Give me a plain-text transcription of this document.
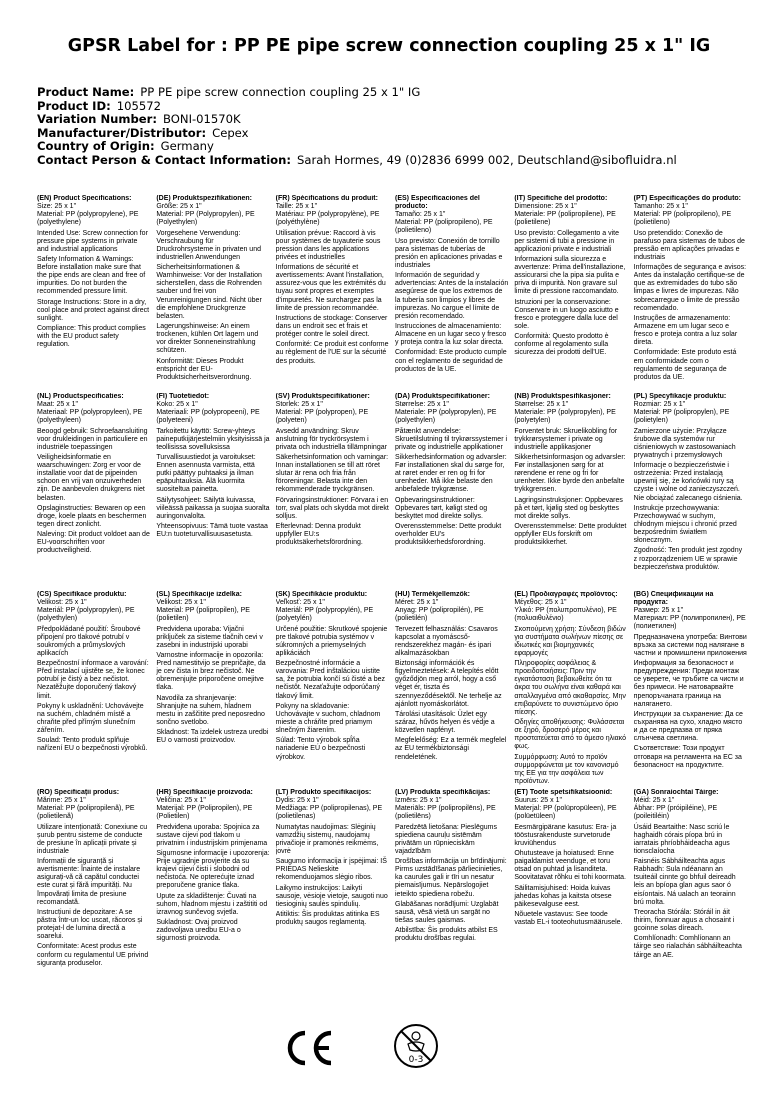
GPSR Label for : PP PE pipe screw connection coupling 25 x 1" IG
Product Name: PP PE pipe screw connection coupling 25 x 1" IG
Product ID: 105572
Variation Number: BONI-01570K
Manufacturer/Distributor: Cepex
Country of Origin: Germany
Contact Person & Contact Information: Sarah Hormes, 49 (0)2836 6999 002, Deutschland@sibofluidra.nl
(EN) Product Specifications:

Size: 25 x 1"
Material: PP (polypropylene), PE (polyethylene)

Intended Use: Screw connection for pressure pipe systems in private and industrial applications

Safety Information & Warnings: Before installation make sure that the pipe ends are clean and free of impurities. Do not burden the recommended pressure limit.

Storage Instructions: Store in a dry, cool place and protect against direct sunlight.

Compliance: This product complies with the EU product safety regulation.

(DE) Produktspezifikationen:

Größe: 25 x 1"
Material: PP (Polypropylen), PE (Polyethylen)

Vorgesehene Verwendung: Verschraubung für Druckrohrsysteme in privaten und industriellen Anwendungen

Sicherheitsinformationen & Warnhinweise: Vor der Installation sicherstellen, dass die Rohrenden sauber und frei von Verunreinigungen sind. Nicht über die empfohlene Druckgrenze belasten.

Lagerungshinweise: An einem trockenen, kühlen Ort lagern und vor direkter Sonneneinstrahlung schützen.

Konformität: Dieses Produkt entspricht der EU-Produktsicherheitsverordnung.

(FR) Spécifications du produit:

Taille: 25 x 1"
Matériau: PP (polypropylène), PE (polyéthylène)

Utilisation prévue: Raccord à vis pour systèmes de tuyauterie sous pression dans les applications privées et industrielles

Informations de sécurité et avertissements: Avant l'installation, assurez-vous que les extrémités du tuyau sont propres et exemptes d'impuretés. Ne surchargez pas la limite de pression recommandée.

Instructions de stockage: Conserver dans un endroit sec et frais et protéger contre le soleil direct.

Conformité: Ce produit est conforme au règlement de l'UE sur la sécurité des produits.

(ES) Especificaciones del producto:

Tamaño: 25 x 1"
Material: PP (polipropileno), PE (polietileno)

Uso previsto: Conexión de tornillo para sistemas de tuberías de presión en aplicaciones privadas e industriales

Información de seguridad y advertencias: Antes de la instalación asegúrese de que los extremos de la tubería son limpios y libres de impurezas. No cargue el límite de presión recomendado.

Instrucciones de almacenamiento: Almacene en un lugar seco y fresco y proteja contra la luz solar directa.

Conformidad: Este producto cumple con el reglamento de seguridad de productos de la UE.

(IT) Specifiche del prodotto:

Dimensione: 25 x 1"
Materiale: PP (polipropilene), PE (polietilene)

Uso previsto: Collegamento a vite per sistemi di tubi a pressione in applicazioni private e industriali

Informazioni sulla sicurezza e avvertenze: Prima dell'installazione, assicurarsi che la pipa sia pulita e priva di impurità. Non gravare sul limite di pressione raccomandato.

Istruzioni per la conservazione: Conservare in un luogo asciutto e fresco e proteggere dalla luce del sole.

Conformità: Questo prodotto è conforme al regolamento sulla sicurezza dei prodotti dell'UE.

(PT) Especificações do produto:

Tamanho: 25 x 1"
Material: PP (polipropileno), PE (polietileno)

Uso pretendido: Conexão de parafuso para sistemas de tubos de pressão em aplicações privadas e industriais

Informações de segurança e avisos: Antes da instalação certifique-se de que as extremidades do tubo são limpas e livres de impurezas. Não sobrecarregue o limite de pressão recomendado.

Instruções de armazenamento: Armazene em um lugar seco e fresco e proteja contra a luz solar direta.

Conformidade: Este produto está em conformidade com o regulamento de segurança de produtos da UE.

(NL) Productspecificaties:

Maat: 25 x 1"
Materiaal: PP (polypropyleen), PE (polyethyleen)

Beoogd gebruik: Schroefaansluiting voor drukleidingen in particuliere en industriële toepassingen

Veiligheidsinformatie en waarschuwingen: Zorg er voor de installatie voor dat de pijpeinden schoon en vrij van onzuiverheden zijn. De aanbevolen drukgrens niet belasten.

Opslaginstructies: Bewaren op een droge, koele plaats en beschermen tegen direct zonlicht.

Naleving: Dit product voldoet aan de EU-voorschriften voor productveiligheid.

(FI) Tuotetiedot:

Koko: 25 x 1"
Materiaali: PP (polypropeeni), PE (polyeteeni)

Tarkoitettu käyttö: Screw-yhteys paineputkijärjestelmiin yksityisissä ja teollisissa sovelluksissa

Turvallisuustiedot ja varoitukset: Ennen asennusta varmista, että putki päättyy puhtaaksi ja ilman epäpuhtauksia. Älä kuormita suositeltua painetta.

Säilytysohjeet: Säilytä kuivassa, viileässä paikassa ja suojaa suoralta auringonvalolta.

Yhteensopivuus: Tämä tuote vastaa EU:n tuoteturvallisuusasetusta.

(SV) Produktspecifikationer:

Storlek: 25 x 1"
Material: PP (polypropen), PE (polyeten)

Avsedd användning: Skruv anslutning för tryckrörsystem i privata och industriella tillämpningar

Säkerhetsinformation och varningar: Innan installationen se till att röret slutar är rena och fria från föroreningar. Belasta inte den rekommenderade tryckgränsen.

Förvaringsinstruktioner: Förvara i en torr, sval plats och skydda mot direkt solljus.

Efterlevnad: Denna produkt uppfyller EU:s produktsäkerhetsförordning.

(DA) Produktspecifikationer:

Størrelse: 25 x 1"
Materiale: PP (polypropylen), PE (polyethylen)

Påtænkt anvendelse: Skruetilslutning til trykrørssystemer i private og industrielle applikationer

Sikkerhedsinformation og advarsler: Før installationen skal du sørge for, at røret ender er ren og fri for urenheder. Må ikke belaste den anbefalede trykgrænse.

Opbevaringsinstruktioner: Opbevares tørt, køligt sted og beskyttet mod direkte sollys.

Overensstemmelse: Dette produkt overholder EU's produktsikkerhedsforordning.

(NB) Produktspesifikasjoner:

Størrelse: 25 x 1"
Materiale: PP (polypropylen), PE (polyetylen)

Forventet bruk: Skruelikobling for trykkrørsystemer i private og industrielle applikasjoner

Sikkerhetsinformasjon og advarsler: Før installasjonen sørg for at rørendene er rene og fri for urenheter. Ikke byrde den anbefalte trykkgrensen.

Lagringsinstruksjoner: Oppbevares på et tørt, kjølig sted og beskyttes mot direkte sollys.

Overensstemmelse: Dette produktet oppfyller EUs forskrift om produktsikkerhet.

(PL) Specyfikacje produktu:

Rozmiar: 25 x 1"
Materiał: PP (polipropylen), PE (polietylen)

Zamierzone użycie: Przyłącze śrubowe dla systemów rur ciśnieniowych w zastosowaniach prywatnych i przemysłowych

Informacje o bezpieczeństwie i ostrzeżenia: Przed instalacją upewnij się, że końcówki rury są czyste i wolne od zanieczyszczeń. Nie obciążać zalecanego ciśnienia.

Instrukcje przechowywania: Przechowywać w suchym, chłodnym miejscu i chronić przed bezpośrednim światłem słonecznym.

Zgodność: Ten produkt jest zgodny z rozporządzeniem UE w sprawie bezpieczeństwa produktów.

(CS) Specifikace produktu:

Velikost: 25 x 1"
Materiál: PP (polypropylen), PE (polyethylen)

Předpokládané použití: Šroubové připojení pro tlakové potrubí v soukromých a průmyslových aplikacích

Bezpečnostní informace a varování: Před instalací ujistěte se, že konec potrubí je čistý a bez nečistot. Nezatěžujte doporučený tlakový limit.

Pokyny k uskladnění: Uchovávejte na suchém, chladném místě a chraňte před přímým slunečním zářením.

Soulad: Tento produkt splňuje nařízení EU o bezpečnosti výrobků.

(SL) Specifikacije izdelka:

Velikost: 25 x 1"
Material: PP (polipropilen), PE (polietilen)

Predvidena uporaba: Vijačni priključek za sisteme tlačnih cevi v zasebni in industrijski uporabi

Varnostne informacije in opozorila: Pred namestitvijo se prepričajte, da je cev čista in brez nečistoč. Ne obremenjujte priporočene omejitve tlaka.

Navodila za shranjevanje: Shranjujte na suhem, hladnem mestu in zaščitite pred neposredno sončno svetlobo.

Skladnost: Ta izdelek ustreza uredbi EU o varnosti proizvodov.

(SK) Špecifikácie produktu:

Veľkosť: 25 x 1"
Materiál: PP (polypropylén), PE (polyetylén)

Určené použitie: Skrutkové spojenie pre tlakové potrubia systémov v súkromných a priemyselných aplikáciách

Bezpečnostné informácie a varovania: Pred inštaláciou uistite sa, že potrubia končí sú čisté a bez nečistôt. Nezaťažujte odporúčaný tlakový limit.

Pokyny na skladovanie: Uchovávajte v suchom, chladnom mieste a chráňte pred priamym slnečným žiarením.

Súlad: Tento výrobok spĺňa nariadenie EÚ o bezpečnosti výrobkov.

(HU) Termékjellemzők:

Méret: 25 x 1"
Anyag: PP (polipropilén), PE (polietilén)

Tervezett felhasználás: Csavaros kapcsolat a nyomáscső-rendszerekhez magán- és ipari alkalmazásokban

Biztonsági információk és figyelmeztetések: A telepítés előtt győződjön meg arról, hogy a cső véget ér, tiszta és szennyeződésektől. Ne terhelje az ajánlott nyomáskorlátot.

Tárolási utasítások: Üzlet egy száraz, hűvös helyen és védje a közvetlen napfényt.

Megfelelőség: Ez a termék megfelel az EU termékbiztonsági rendeletének.

(EL) Προδιαγραφές προϊόντος:

Μέγεθος: 25 x 1"
Υλικό: PP (πολυπροπυλένιο), PE (πολυαιθυλένιο)

Σκοπούμενη χρήση: Σύνδεση βιδών για συστήματα σωλήνων πίεσης σε ιδιωτικές και βιομηχανικές εφαρμογές

Πληροφορίες ασφάλειας & προειδοποιήσεις: Πριν την εγκατάσταση βεβαιωθείτε ότι τα άκρα του σωλήνα είναι καθαρά και απαλλαγμένα από ακαθαρσίες. Μην επιβαρύνετε το συνιστώμενο όριο πίεσης.

Οδηγίες αποθήκευσης: Φυλάσσεται σε ξηρό, δροσερό μέρος και προστατεύεται από το άμεσο ηλιακό φως.

Συμμόρφωση: Αυτό το προϊόν συμμορφώνεται με τον κανονισμό της ΕΕ για την ασφάλεια των προϊόντων.

(BG) Спецификации на продукта:

Размер: 25 x 1"
Материал: PP (полипропилен), PE (полиетилен)

Предназначена употреба: Винтови връзка за системи под налягане в частни и промишлени приложения

Информация за безопасност и предупреждения: Преди монтаж се уверете, че тръбите са чисти и без примеси. Не натоварвайте препоръчаната граница на налягането.

Инструкции за съхранение: Да се съхранява на сухо, хладно място и да се предпазва от пряка слънчева светлина.

Съответствие: Този продукт отговаря на регламента на ЕС за безопасност на продуктите.

(RO) Specificații produs:

Mărime: 25 x 1"
Material: PP (polipropilenă), PE (polietilenă)

Utilizare intenționată: Conexiune cu șurub pentru sisteme de conducte de presiune în aplicații private și industriale

Informații de siguranță și avertismente: Înainte de instalare asigurați-vă că capătul conductei este curat și fără impurități. Nu împovărați limita de presiune recomandată.

Instrucțiuni de depozitare: A se păstra într-un loc uscat, răcoros și protejat-l de lumina directă a soarelui.

Conformitate: Acest produs este conform cu regulamentul UE privind siguranța produselor.

(HR) Specifikacije proizvoda:

Veličina: 25 x 1"
Materijal: PP (Polipropilen), PE (Polietilen)

Predviđena uporaba: Spojnica za sustave cijevi pod tlakom u privatnim i industrijskim primjenama

Sigurnosne informacije i upozorenja: Prije ugradnje provjerite da su krajevi cijevi čisti i slobodni od nečistoća. Ne opterećujte iznad preporučene granice tlaka.

Upute za skladištenje: Čuvati na suhom, hladnom mjestu i zaštititi od izravnog sunčevog svjetla.

Sukladnost: Ovaj proizvod zadovoljava uredbu EU-a o sigurnosti proizvoda.

(LT) Produkto specifikacijos:

Dydis: 25 x 1"
Medžiaga: PP (polipropilenas), PE (polietilenas)

Numatytas naudojimas: Slėginių vamzdžių sistemų, naudojamų privačioje ir pramonės reikmėms, jovrė

Saugumo informacija ir įspėjimai: IŠ PRIEDAS Nelieskite rekomenduojamos slėgio ribos.

Laikymo instrukcijos: Laikyti sausoje, vėsioje vietoje, saugoti nuo tiesioginių saulės spindulių.

Atitiktis: Šis produktas atitinka ES produktų saugos reglamentą.

(LV) Produkta specifikācijas:

Izmērs: 25 x 1"
Materiāls: PP (polipropilēns), PE (polietilēns)

Paredzētā lietošana: Pieslēgums spiediena cauruļu sistēmām privātām un rūpnieciskām vajadzībām

Drošības informācija un brīdinājumi: Pirms uzstādīšanas pārliecinieties, ka caurules gali ir tīri un nesatur piemaisījumus. Nepārslogojiet ieteikto spiediena robežu.

Glabāšanas norādījumi: Uzglabāt sausā, vēsā vietā un sargāt no tiešas saules gaismas.

Atbilstība: Šis produkts atbilst ES produktu drošības regulai.

(ET) Toote spetsifikatsioonid:

Suurus: 25 x 1"
Materjal: PP (polüpropüleen), PE (polüetüleen)

Eesmärgipärane kasutus: Era- ja tööstusrakenduste survetorude kruviühendus

Ohutusteave ja hoiatused: Enne paigaldamist veenduge, et toru otsad on puhtad ja lisanditeta. Soovitatavat rõhku ei tohi koormata.

Säilitamisjuhised: Hoida kuivas jahedas kohas ja kaitsta otsese päikesevalguse eest.

Nõuetele vastavus: See toode vastab EL-i tooteohutusmäärusele.

(GA) Sonraíochtaí Táirge:

Méid: 25 x 1"
Ábhar: PP (próipiléine), PE (poileitiléin)

Úsáid Beartaithe: Nasc scriú le haghaidh córais píopa brú in iarratais phríobháideacha agus tionsclaíocha

Faisnéis Sábháilteachta agus Rabhadh: Sula ndéanann an tsuiteáil cinnte go bhfuil deireadh leis an bpíopa glan agus saor ó eisíontais. Ná ualach an teorainn brú molta.

Treoracha Stórála: Stóráil in áit thirim, fionnuar agus a chosaint i gcoinne solas díreach.

Comhlíonadh: Comhlíonann an táirge seo rialachán sábháilteachta táirge an AE.

0-3
